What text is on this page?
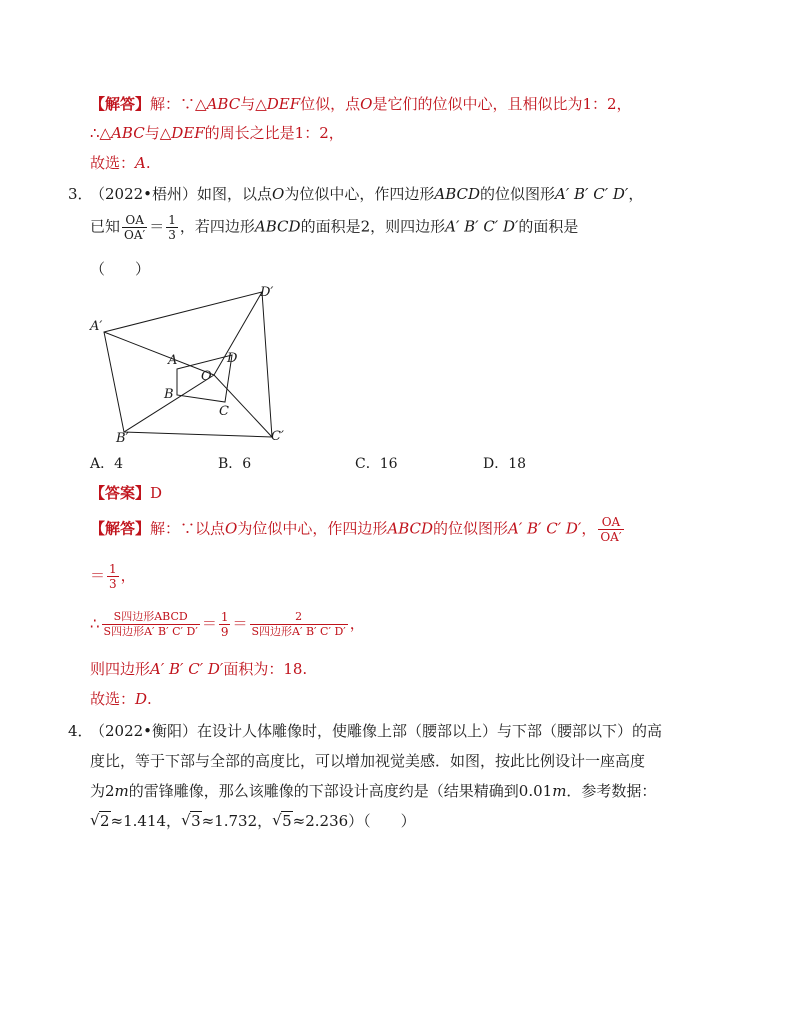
【解答】解：∵△ABC与△DEF位似，点O是它们的位似中心，且相似比为1：2，
∴△ABC与△DEF的周长之比是1：2，
故选：A.
3．
（2022•梧州）如图，以点O为位似中心，作四边形ABCD的位似图形A′ B′ C′ D′，
已知 $\frac{OA}{OA'} = \frac{1}{3}$ ，若四边形ABCD的面积是2，则四边形A′ B′ C′ D′的面积是
（　　）
A′
D′
C′
B′
A	D
C
B
O
A．4	B．6	C．16	D．18
【答案】D
【解答】解：∵以点O为位似中心，作四边形ABCD的位似图形A′ B′ C′ D′， $\frac{OA}{OA'}$
＝ $\frac{1}{3}$ ，
∴ $\frac{\text{S四边形ABCD}}{\text{S四边形A′ B′ C′ D′}} = \frac{1}{9} = \frac{2}{\text{S四边形A′ B′ C′ D′}}$ ，
则四边形A′ B′ C′ D′面积为：18.
故选：D.
4．
（2022•衡阳）在设计人体雕像时，使雕像上部（腰部以上）与下部（腰部以下）的高
度比，等于下部与全部的高度比，可以增加视觉美感．如图，按此比例设计一座高度
为2m的雷锋雕像，那么该雕像的下部设计高度约是（结果精确到0.01m．参考数据：
√ 2≈1.414， √ 3≈1.732， √ 5≈2.236）（　　）
